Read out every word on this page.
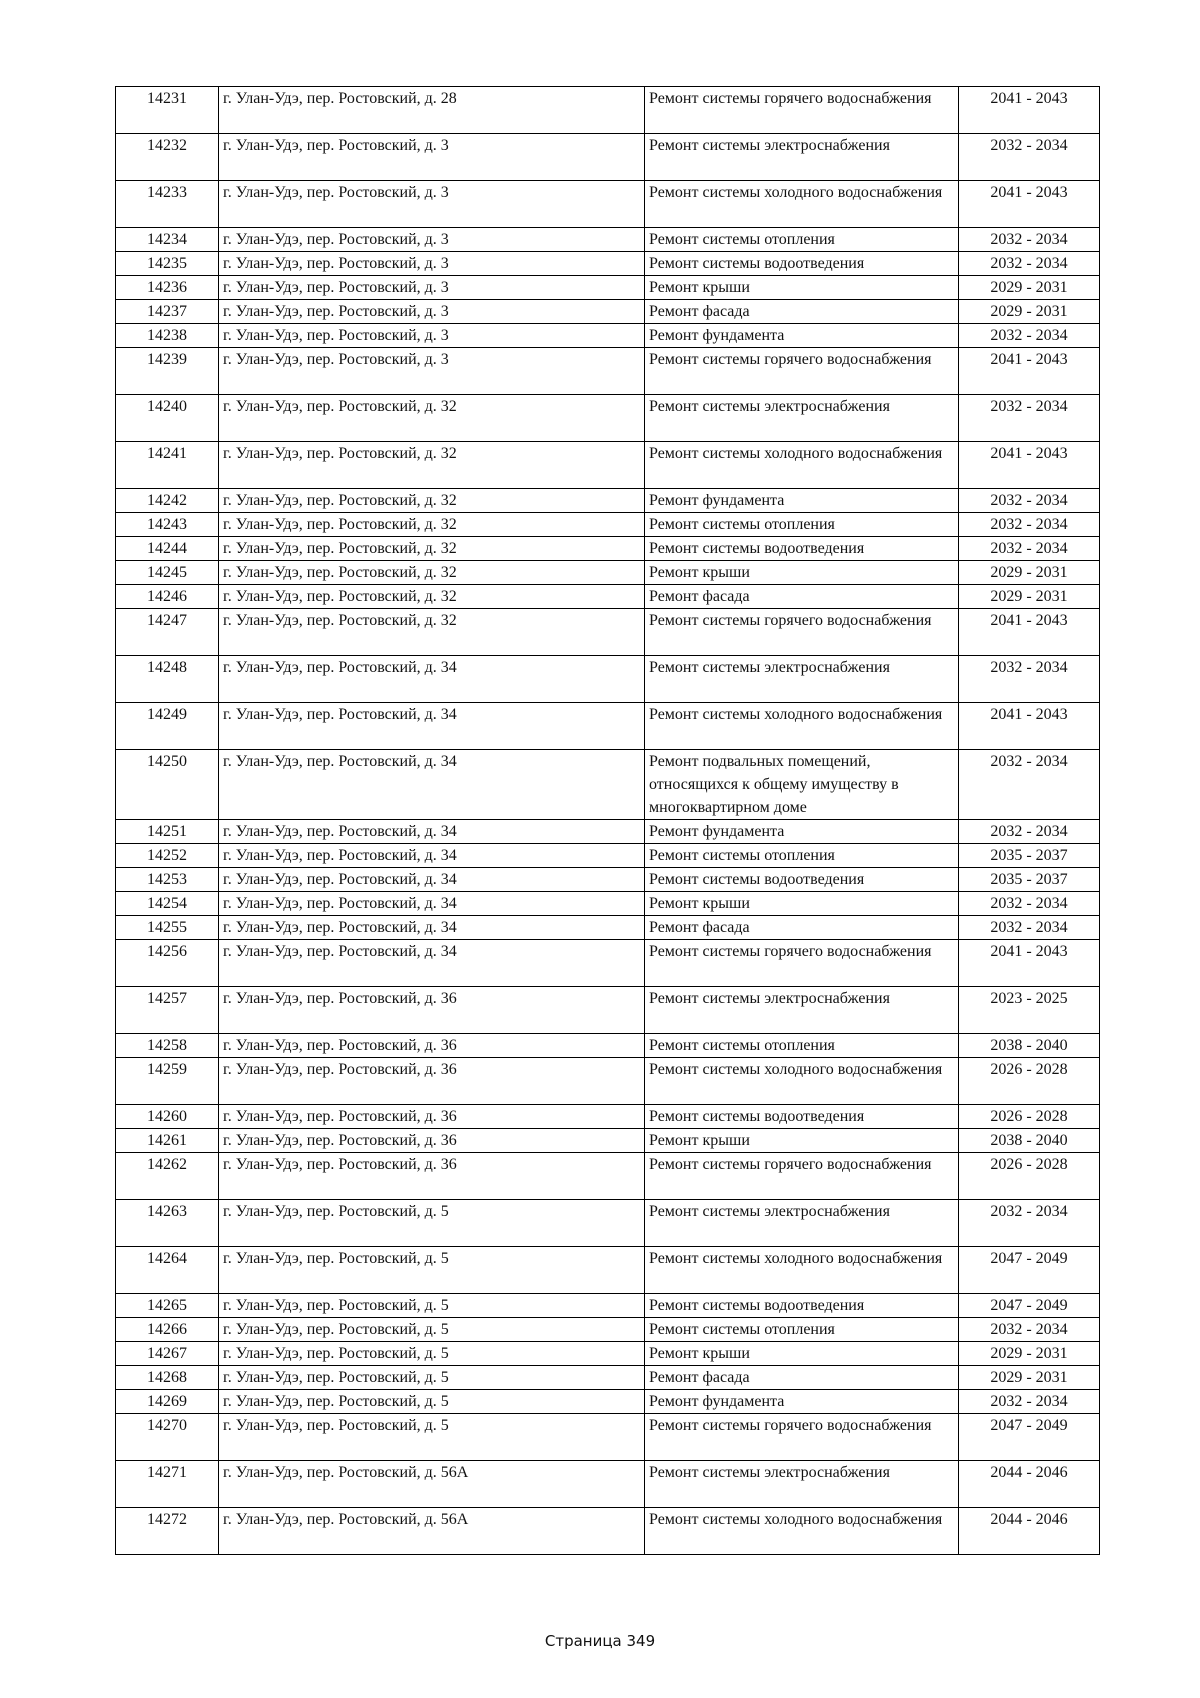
14231	г. Улан-Удэ, пер. Ростовский, д. 28	Ремонт системы горячего водоснабжения	2041 - 2043
14232	г. Улан-Удэ, пер. Ростовский, д. 3	Ремонт системы электроснабжения	2032 - 2034
14233	г. Улан-Удэ, пер. Ростовский, д. 3	Ремонт системы холодного водоснабжения	2041 - 2043
14234	г. Улан-Удэ, пер. Ростовский, д. 3	Ремонт системы отопления	2032 - 2034
14235	г. Улан-Удэ, пер. Ростовский, д. 3	Ремонт системы водоотведения	2032 - 2034
14236	г. Улан-Удэ, пер. Ростовский, д. 3	Ремонт крыши	2029 - 2031
14237	г. Улан-Удэ, пер. Ростовский, д. 3	Ремонт фасада	2029 - 2031
14238	г. Улан-Удэ, пер. Ростовский, д. 3	Ремонт фундамента	2032 - 2034
14239	г. Улан-Удэ, пер. Ростовский, д. 3	Ремонт системы горячего водоснабжения	2041 - 2043
14240	г. Улан-Удэ, пер. Ростовский, д. 32	Ремонт системы электроснабжения	2032 - 2034
14241	г. Улан-Удэ, пер. Ростовский, д. 32	Ремонт системы холодного водоснабжения	2041 - 2043
14242	г. Улан-Удэ, пер. Ростовский, д. 32	Ремонт фундамента	2032 - 2034
14243	г. Улан-Удэ, пер. Ростовский, д. 32	Ремонт системы отопления	2032 - 2034
14244	г. Улан-Удэ, пер. Ростовский, д. 32	Ремонт системы водоотведения	2032 - 2034
14245	г. Улан-Удэ, пер. Ростовский, д. 32	Ремонт крыши	2029 - 2031
14246	г. Улан-Удэ, пер. Ростовский, д. 32	Ремонт фасада	2029 - 2031
14247	г. Улан-Удэ, пер. Ростовский, д. 32	Ремонт системы горячего водоснабжения	2041 - 2043
14248	г. Улан-Удэ, пер. Ростовский, д. 34	Ремонт системы электроснабжения	2032 - 2034
14249	г. Улан-Удэ, пер. Ростовский, д. 34	Ремонт системы холодного водоснабжения	2041 - 2043
14250	г. Улан-Удэ, пер. Ростовский, д. 34	Ремонт подвальных помещений, относящихся к общему имуществу в многоквартирном доме	2032 - 2034
14251	г. Улан-Удэ, пер. Ростовский, д. 34	Ремонт фундамента	2032 - 2034
14252	г. Улан-Удэ, пер. Ростовский, д. 34	Ремонт системы отопления	2035 - 2037
14253	г. Улан-Удэ, пер. Ростовский, д. 34	Ремонт системы водоотведения	2035 - 2037
14254	г. Улан-Удэ, пер. Ростовский, д. 34	Ремонт крыши	2032 - 2034
14255	г. Улан-Удэ, пер. Ростовский, д. 34	Ремонт фасада	2032 - 2034
14256	г. Улан-Удэ, пер. Ростовский, д. 34	Ремонт системы горячего водоснабжения	2041 - 2043
14257	г. Улан-Удэ, пер. Ростовский, д. 36	Ремонт системы электроснабжения	2023 - 2025
14258	г. Улан-Удэ, пер. Ростовский, д. 36	Ремонт системы отопления	2038 - 2040
14259	г. Улан-Удэ, пер. Ростовский, д. 36	Ремонт системы холодного водоснабжения	2026 - 2028
14260	г. Улан-Удэ, пер. Ростовский, д. 36	Ремонт системы водоотведения	2026 - 2028
14261	г. Улан-Удэ, пер. Ростовский, д. 36	Ремонт крыши	2038 - 2040
14262	г. Улан-Удэ, пер. Ростовский, д. 36	Ремонт системы горячего водоснабжения	2026 - 2028
14263	г. Улан-Удэ, пер. Ростовский, д. 5	Ремонт системы электроснабжения	2032 - 2034
14264	г. Улан-Удэ, пер. Ростовский, д. 5	Ремонт системы холодного водоснабжения	2047 - 2049
14265	г. Улан-Удэ, пер. Ростовский, д. 5	Ремонт системы водоотведения	2047 - 2049
14266	г. Улан-Удэ, пер. Ростовский, д. 5	Ремонт системы отопления	2032 - 2034
14267	г. Улан-Удэ, пер. Ростовский, д. 5	Ремонт крыши	2029 - 2031
14268	г. Улан-Удэ, пер. Ростовский, д. 5	Ремонт фасада	2029 - 2031
14269	г. Улан-Удэ, пер. Ростовский, д. 5	Ремонт фундамента	2032 - 2034
14270	г. Улан-Удэ, пер. Ростовский, д. 5	Ремонт системы горячего водоснабжения	2047 - 2049
14271	г. Улан-Удэ, пер. Ростовский, д. 56А	Ремонт системы электроснабжения	2044 - 2046
14272	г. Улан-Удэ, пер. Ростовский, д. 56А	Ремонт системы холодного водоснабжения	2044 - 2046
Страница 349
